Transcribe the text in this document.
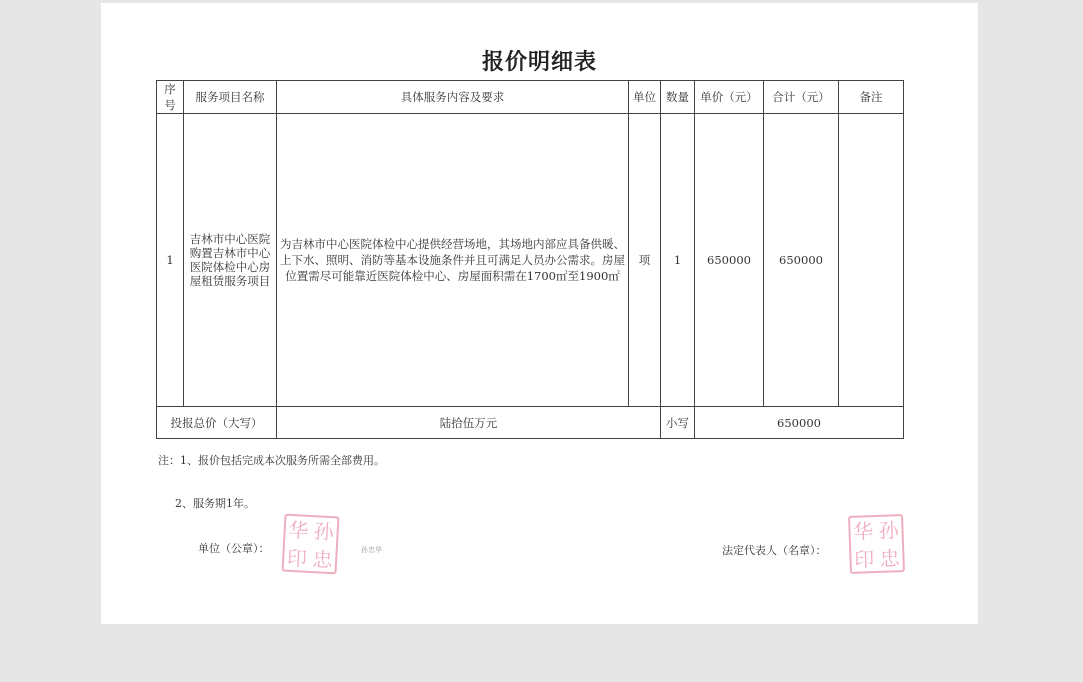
报价明细表
序号	服务项目名称	具体服务内容及要求	单位	数量	单价（元）	合计（元）	备注
1	吉林市中心医院购置吉林市中心医院体检中心房屋租赁服务项目	为吉林市中心医院体检中心提供经营场地，其场地内部应具备供暖、上下水、照明、消防等基本设施条件并且可满足人员办公需求。房屋位置需尽可能靠近医院体检中心、房屋面积需在1700㎡至1900㎡	项	1	650000	650000	
投报总价（大写）		陆拾伍万元		小写	650000		
注：1、报价包括完成本次服务所需全部费用。
2、服务期1年。
单位（公章）：
华 孙
印 忠	孙忠华	法定代表人（名章）：
华 孙
印 忠
